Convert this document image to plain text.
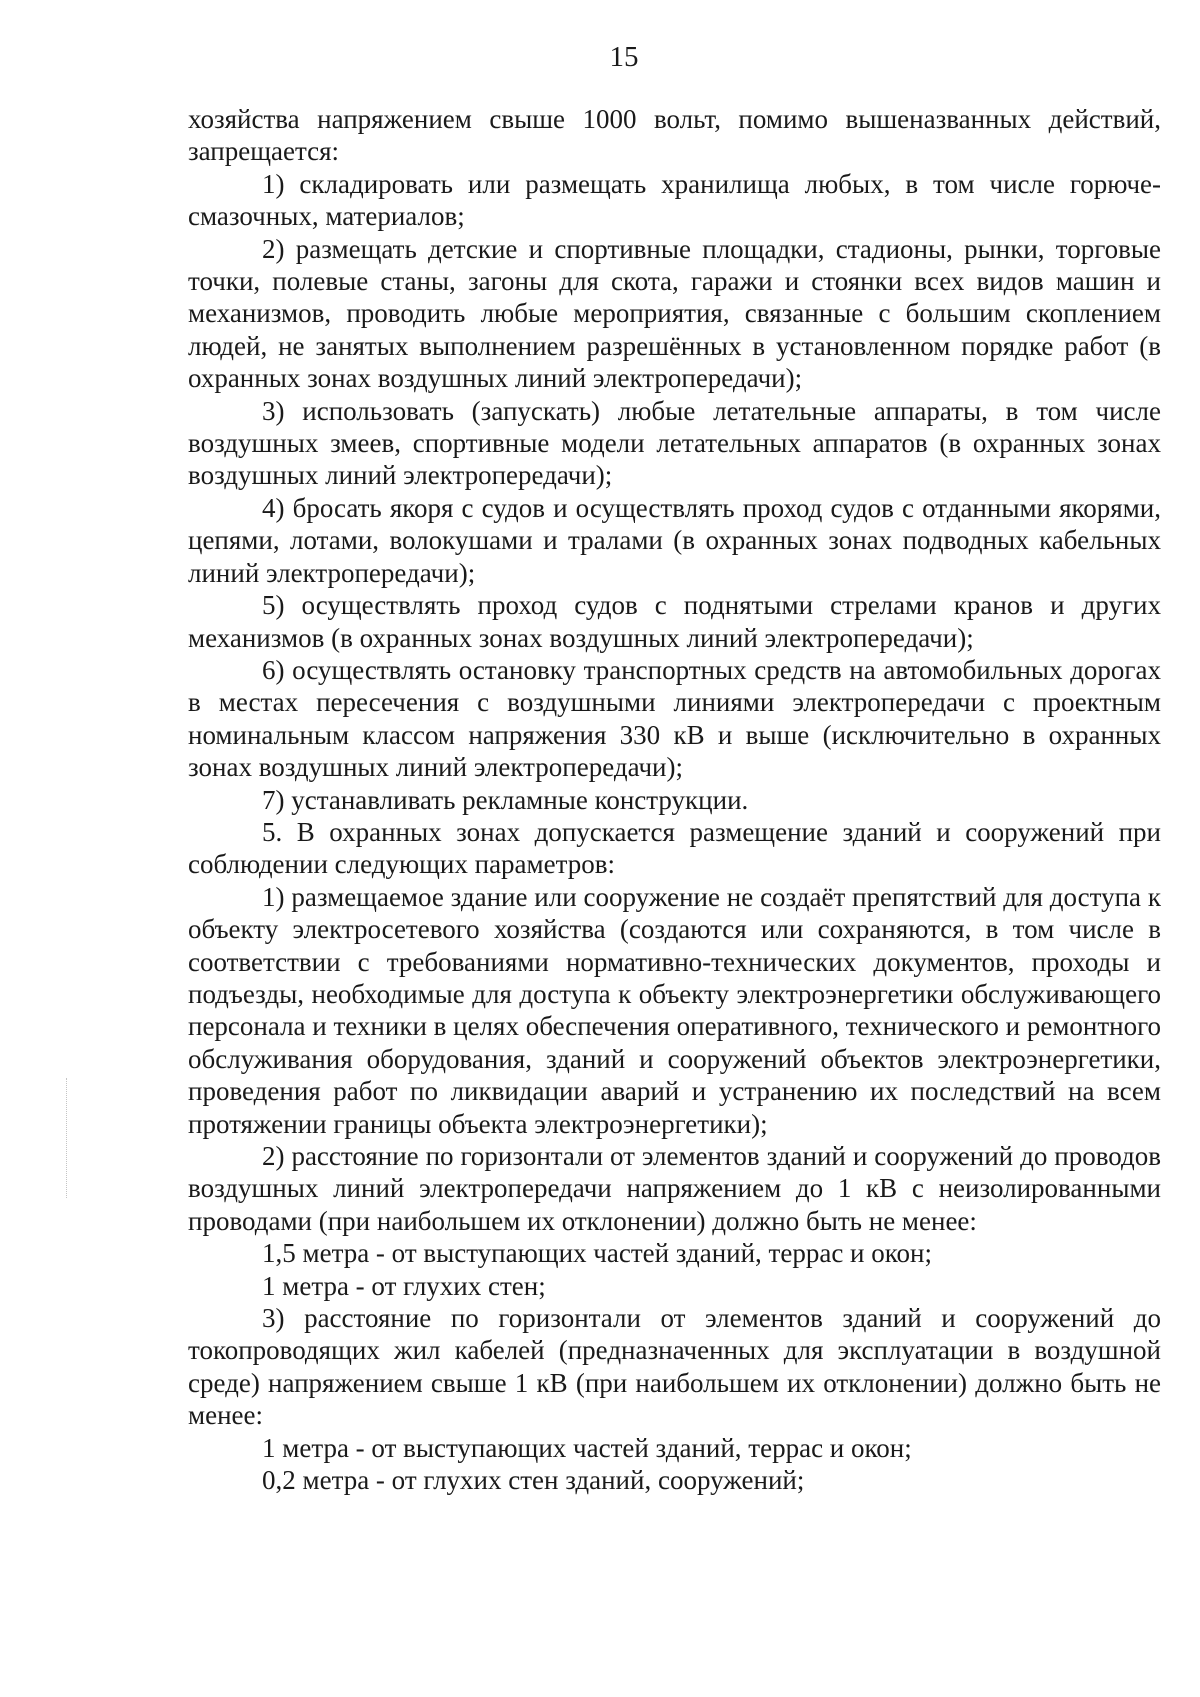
15

хозяйства напряжением свыше 1000 вольт, помимо вышеназванных действий, запрещается:

1) складировать или размещать хранилища любых, в том числе горюче-смазочных, материалов;

2) размещать детские и спортивные площадки, стадионы, рынки, торговые точки, полевые станы, загоны для скота, гаражи и стоянки всех видов машин и механизмов, проводить любые мероприятия, связанные с большим скоплением людей, не занятых выполнением разрешённых в установленном порядке работ (в охранных зонах воздушных линий электропередачи);

3) использовать (запускать) любые летательные аппараты, в том числе воздушных змеев, спортивные модели летательных аппаратов (в охранных зонах воздушных линий электропередачи);

4) бросать якоря с судов и осуществлять проход судов с отданными якорями, цепями, лотами, волокушами и тралами (в охранных зонах подводных кабельных линий электропередачи);

5) осуществлять проход судов с поднятыми стрелами кранов и других механизмов (в охранных зонах воздушных линий электропередачи);

6) осуществлять остановку транспортных средств на автомобильных дорогах в местах пересечения с воздушными линиями электропередачи с проектным номинальным классом напряжения 330 кВ и выше (исключительно в охранных зонах воздушных линий электропередачи);

7) устанавливать рекламные конструкции.

5. В охранных зонах допускается размещение зданий и сооружений при соблюдении следующих параметров:

1) размещаемое здание или сооружение не создаёт препятствий для доступа к объекту электросетевого хозяйства (создаются или сохраняются, в том числе в соответствии с требованиями нормативно-технических документов, проходы и подъезды, необходимые для доступа к объекту электроэнергетики обслуживающего персонала и техники в целях обеспечения оперативного, технического и ремонтного обслуживания оборудования, зданий и сооружений объектов электроэнергетики, проведения работ по ликвидации аварий и устранению их последствий на всем протяжении границы объекта электроэнергетики);

2) расстояние по горизонтали от элементов зданий и сооружений до проводов воздушных линий электропередачи напряжением до 1 кВ с неизолированными проводами (при наибольшем их отклонении) должно быть не менее:

1,5 метра - от выступающих частей зданий, террас и окон;

1 метра - от глухих стен;

3) расстояние по горизонтали от элементов зданий и сооружений до токопроводящих жил кабелей (предназначенных для эксплуатации в воздушной среде) напряжением свыше 1 кВ (при наибольшем их отклонении) должно быть не менее:

1 метра - от выступающих частей зданий, террас и окон;

0,2 метра - от глухих стен зданий, сооружений;
